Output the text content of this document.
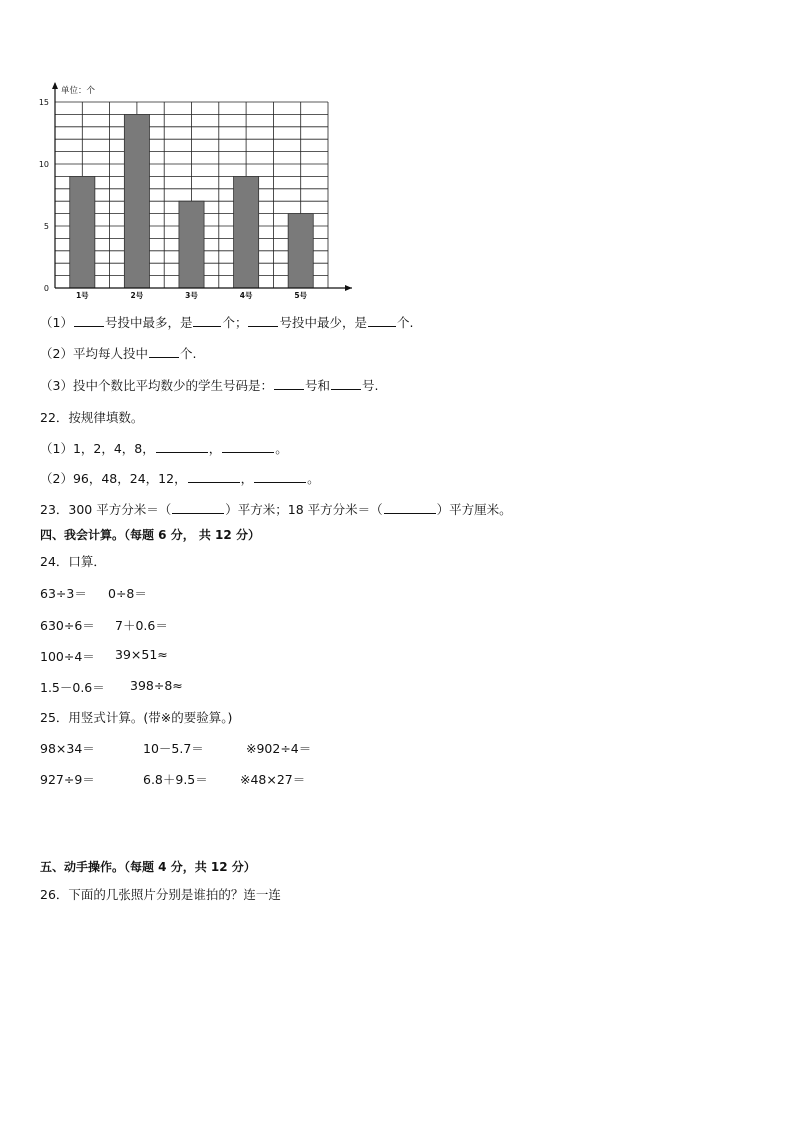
0
5
10
15
1号	2号	3号	4号	5号
单位：个
（1）	号投中最多，是 个；	号投中最少，是 个.
（2）平均每人投中	个.
（3）投中个数比平均数少的学生号码是：	号和	号.
22．按规律填数。
（1）1，2，4，8，	，	。
（2）96，48，24，12，	，	。
23．300 平方分米＝（	）平方米；18 平方分米＝（	）平方厘米。
四、我会计算。（每题 6 分， 共 12 分）
24．口算．
63÷3＝ 0÷8＝
630÷6＝ 7＋0.6＝
100÷4＝ 39×51≈
1.5－0.6＝ 398÷8≈
25．用竖式计算。(带※的要验算。)
98×34＝	10－5.7＝	※902÷4＝
927÷9＝	6.8＋9.5＝	※48×27＝
五、动手操作。（每题 4 分，共 12 分）
26．下面的几张照片分别是谁拍的？连一连
